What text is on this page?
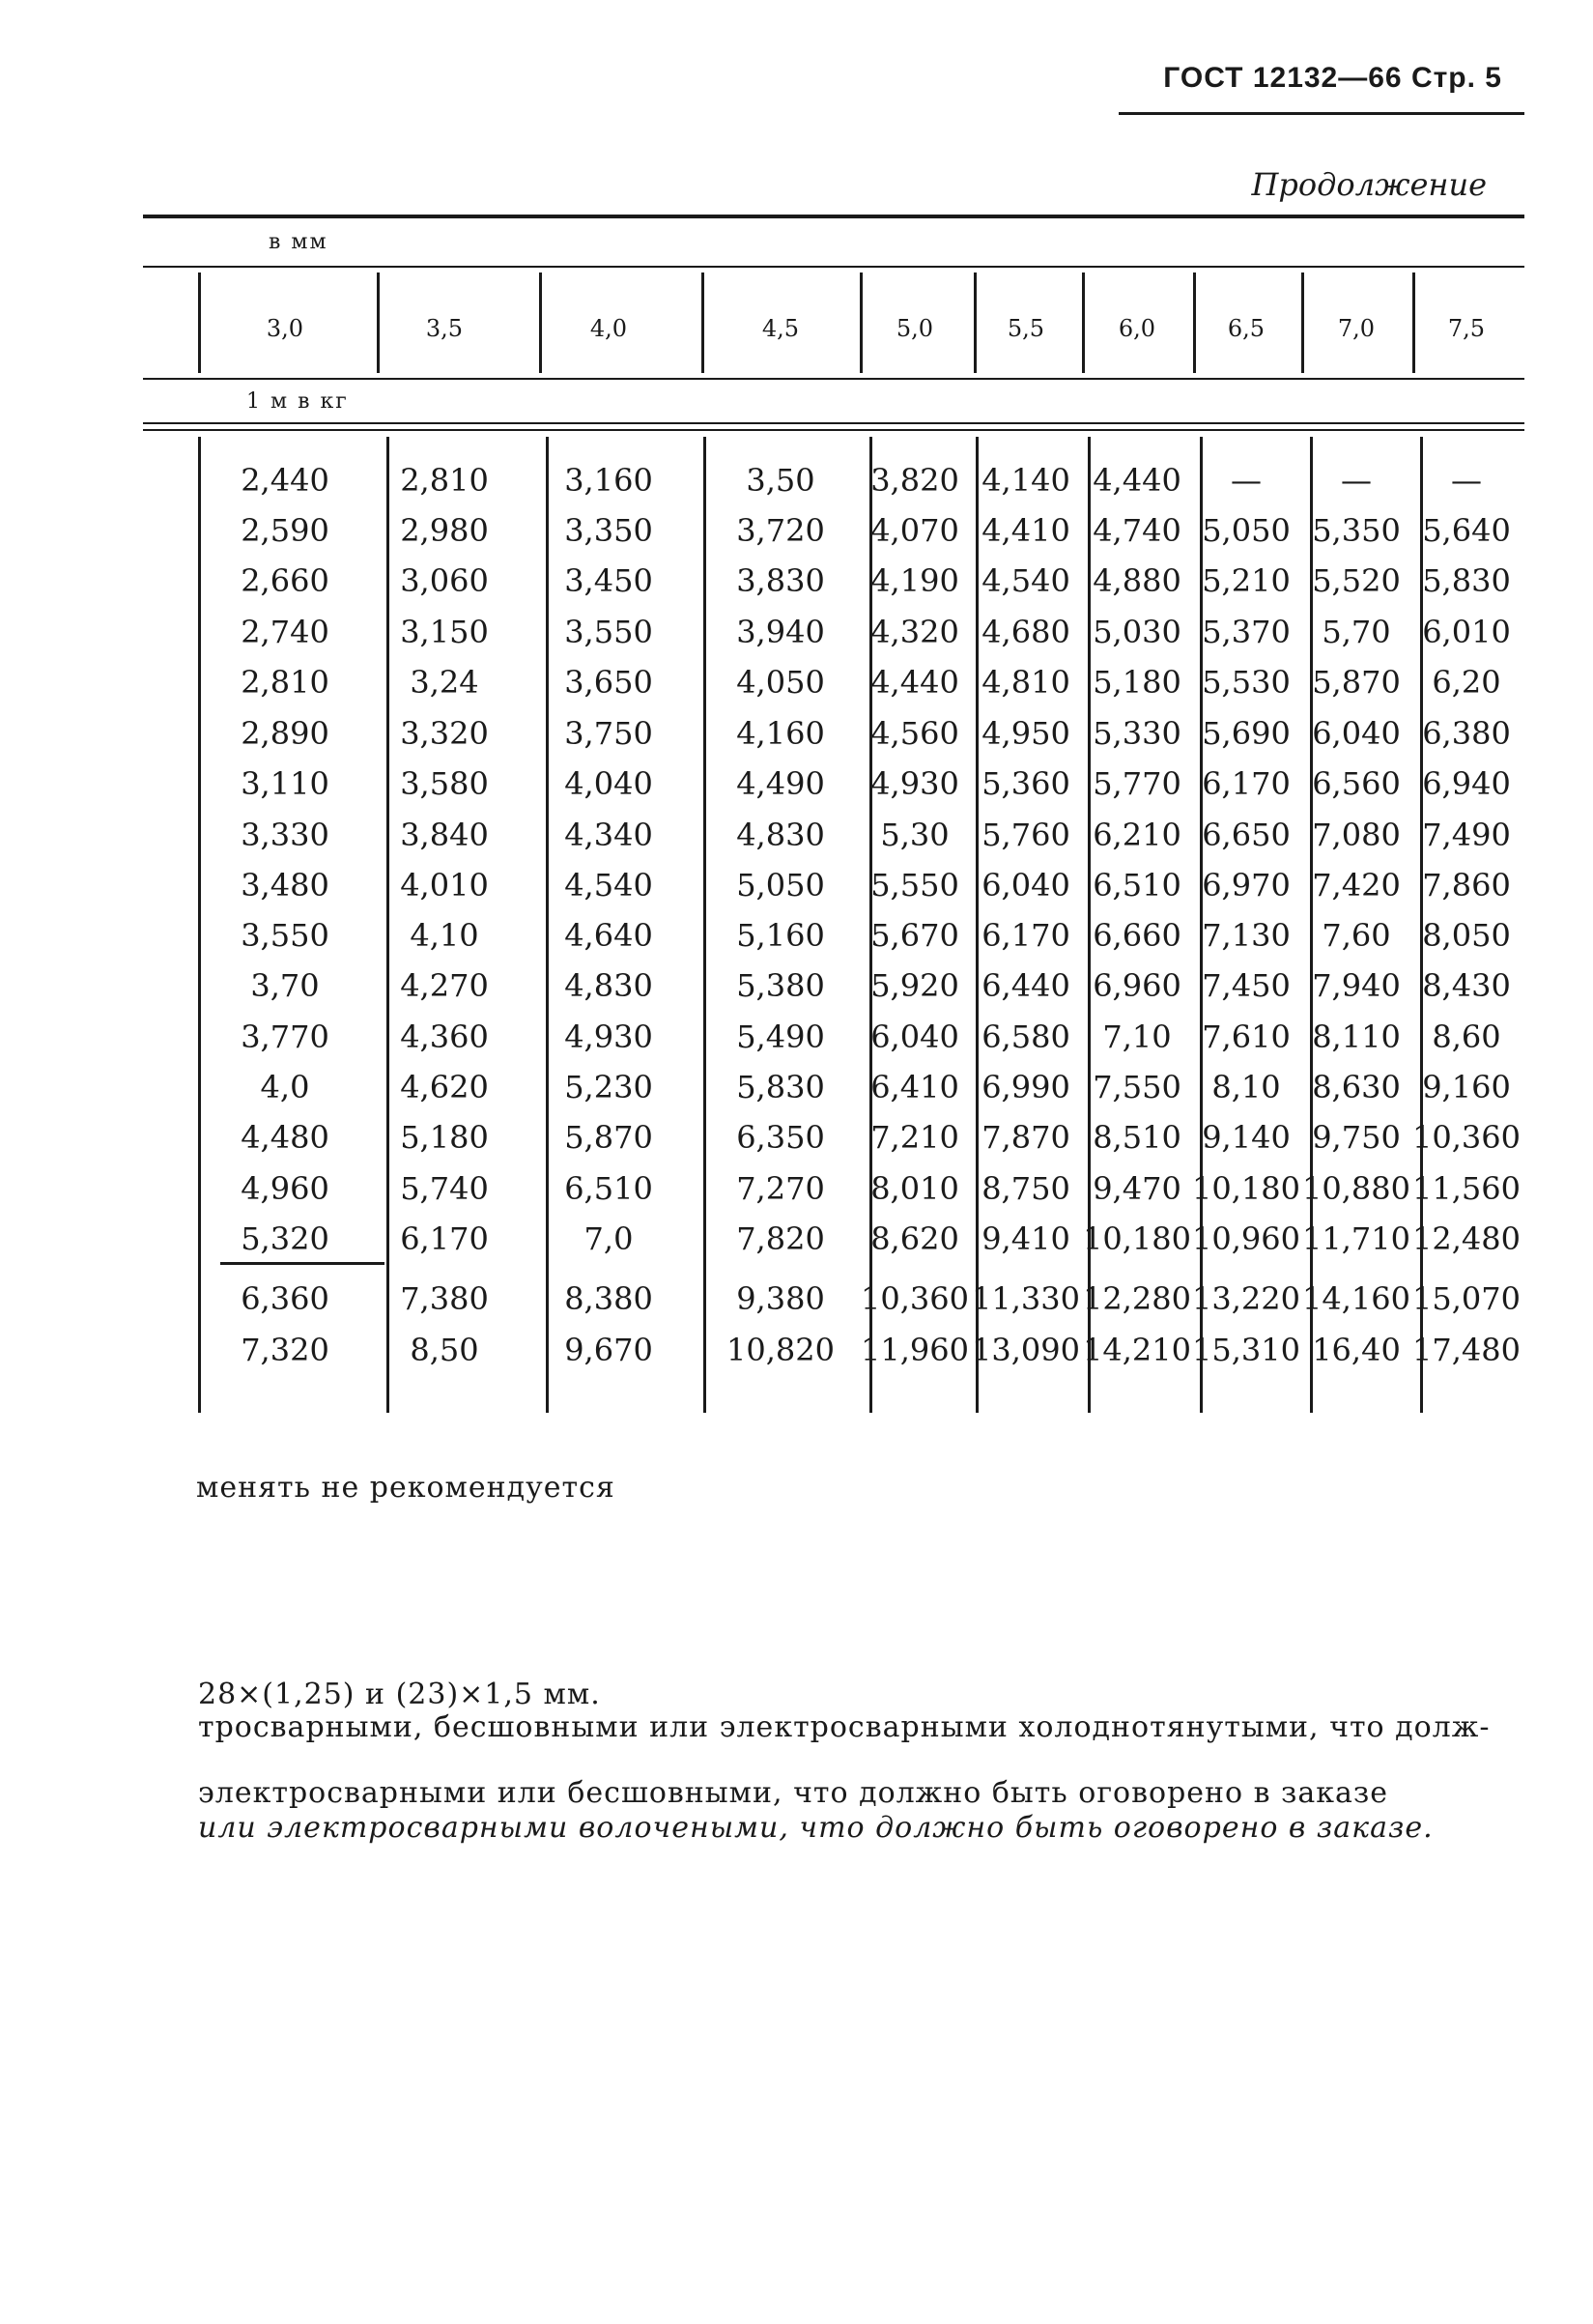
ГОСТ 12132—66 Стр. 5
Продолжение
в мм
1 м в кг
3,0	3,5	4,0	4,5	5,0	5,5	6,0	6,5	7,0	7,5
2,440	2,810	3,160	3,50	3,820 4,140 4,440	—	—	—
2,590	2,980	3,350	3,720	4,070 4,410 4,740 5,050 5,350 5,640
2,660	3,060	3,450	3,830	4,190 4,540 4,880 5,210 5,520 5,830
2,740	3,150	3,550	3,940	4,320 4,680 5,030 5,370	5,70	6,010
2,810	3,24	3,650	4,050	4,440 4,810 5,180 5,530 5,870	6,20
2,890	3,320	3,750	4,160	4,560 4,950 5,330 5,690 6,040 6,380
3,110	3,580	4,040	4,490	4,930 5,360 5,770 6,170 6,560 6,940
3,330	3,840	4,340	4,830	5,30	5,760 6,210 6,650 7,080 7,490
3,480	4,010	4,540	5,050	5,550 6,040 6,510 6,970 7,420 7,860
3,550	4,10	4,640	5,160	5,670 6,170 6,660 7,130	7,60	8,050
3,70	4,270	4,830	5,380	5,920 6,440 6,960 7,450 7,940 8,430
3,770	4,360	4,930	5,490	6,040 6,580	7,10 7,610 8,110	8,60
4,0	4,620	5,230	5,830	6,410 6,990 7,550 8,10	8,630 9,160
4,480	5,180	5,870	6,350	7,210 7,870 8,510 9,140 9,750 10,360
4,960	5,740	6,510	7,270	8,010 8,750 9,470 10,180 10,880 11,560
5,320	6,170	7,0	7,820	8,620 9,410 10,180 10,960 11,710 12,480
6,360	7,380	8,380	9,380	10,360 11,330 12,280 13,220 14,160 15,070
7,320	8,50	9,670	10,820 11,960 13,090 14,210 15,310 16,40 17,480
менять не рекомендуется
28×(1,25) и (23)×1,5 мм.
тросварными, бесшовными или электросварными холоднотянутыми, что долж-
электросварными или бесшовными, что должно быть оговорено в заказе
или электросварными волочеными, что должно быть оговорено в заказе.
